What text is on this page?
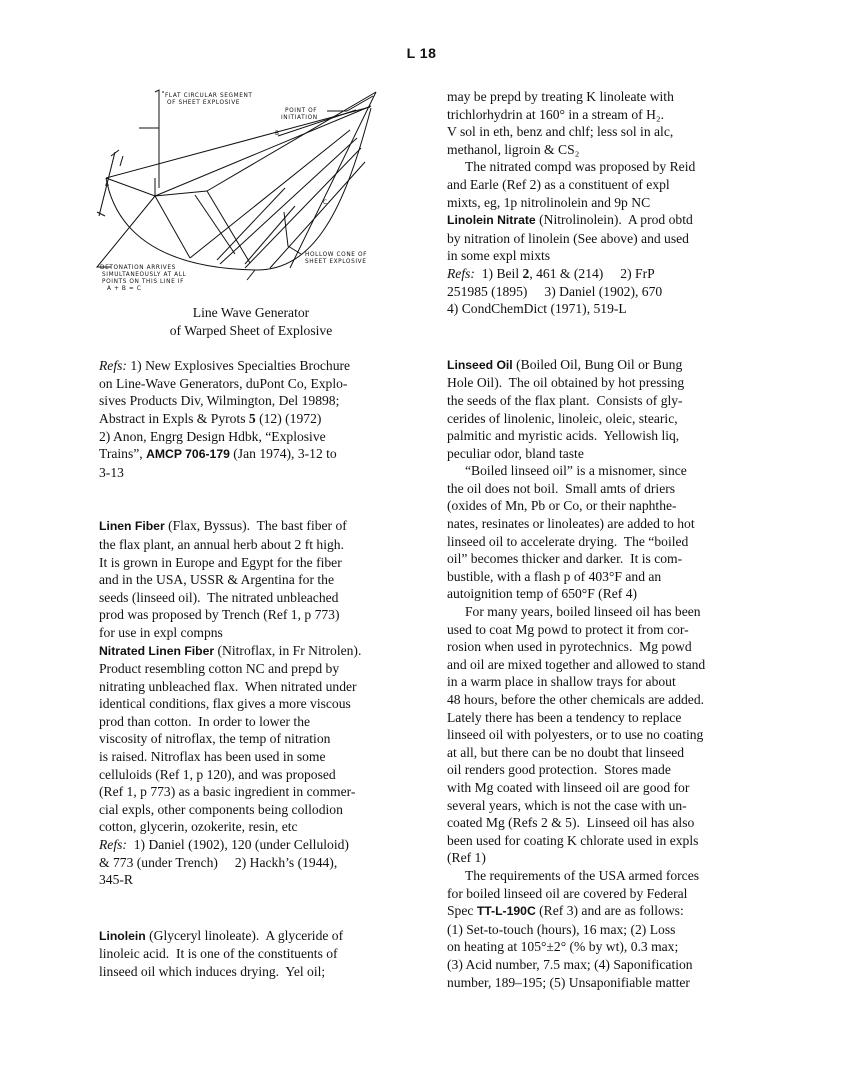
L 18
FLAT CIRCULAR SEGMENT
OF SHEET EXPLOSIVE
POINT OF
INITIATION
B
C
A
HOLLOW CONE OF
SHEET EXPLOSIVE
DETONATION ARRIVES
SIMULTANEOUSLY AT ALL
POINTS ON THIS LINE IF
A + B = C
Line Wave Generator
of Warped Sheet of Explosive
Refs: 1) New Explosives Specialties Brochure
on Line-Wave Generators, duPont Co, Explo-
sives Products Div, Wilmington, Del 19898;
Abstract in Expls & Pyrots 5 (12) (1972)
2) Anon, Engrg Design Hdbk, “Explosive
Trains”, AMCP 706-179 (Jan 1974), 3-12 to
3-13
Linen Fiber (Flax, Byssus).  The bast fiber of
the flax plant, an annual herb about 2 ft high.
It is grown in Europe and Egypt for the fiber
and in the USA, USSR & Argentina for the
seeds (linseed oil).  The nitrated unbleached
prod was proposed by Trench (Ref 1, p 773)
for use in expl compns
Nitrated Linen Fiber (Nitroflax, in Fr Nitrolen).
Product resembling cotton NC and prepd by
nitrating unbleached flax.  When nitrated under
identical conditions, flax gives a more viscous
prod than cotton.  In order to lower the
viscosity of nitroflax, the temp of nitration
is raised. Nitroflax has been used in some
celluloids (Ref 1, p 120), and was proposed
(Ref 1, p 773) as a basic ingredient in commer-
cial expls, other components being collodion
cotton, glycerin, ozokerite, resin, etc
Refs:  1) Daniel (1902), 120 (under Celluloid)
& 773 (under Trench)     2) Hackh’s (1944),
345-R
Linolein (Glyceryl linoleate).  A glyceride of
linoleic acid.  It is one of the constituents of
linseed oil which induces drying.  Yel oil;
may be prepd by treating K linoleate with
trichlorhydrin at 160° in a stream of H₂.
V sol in eth, benz and chlf; less sol in alc,
methanol, ligroin & CS₂
The nitrated compd was proposed by Reid
and Earle (Ref 2) as a constituent of expl
mixts, eg, 1p nitrolinolein and 9p NC
Linolein Nitrate (Nitrolinolein).  A prod obtd
by nitration of linolein (See above) and used
in some expl mixts
Refs:  1) Beil 2, 461 & (214)     2) FrP
251985 (1895)     3) Daniel (1902), 670
4) CondChemDict (1971), 519-L
Linseed Oil (Boiled Oil, Bung Oil or Bung
Hole Oil).  The oil obtained by hot pressing
the seeds of the flax plant.  Consists of gly-
cerides of linolenic, linoleic, oleic, stearic,
palmitic and myristic acids.  Yellowish liq,
peculiar odor, bland taste
“Boiled linseed oil” is a misnomer, since
the oil does not boil.  Small amts of driers
(oxides of Mn, Pb or Co, or their naphthe-
nates, resinates or linoleates) are added to hot
linseed oil to accelerate drying.  The “boiled
oil” becomes thicker and darker.  It is com-
bustible, with a flash p of 403°F and an
autoignition temp of 650°F (Ref 4)
For many years, boiled linseed oil has been
used to coat Mg powd to protect it from cor-
rosion when used in pyrotechnics.  Mg powd
and oil are mixed together and allowed to stand
in a warm place in shallow trays for about
48 hours, before the other chemicals are added.
Lately there has been a tendency to replace
linseed oil with polyesters, or to use no coating
at all, but there can be no doubt that linseed
oil renders good protection.  Stores made
with Mg coated with linseed oil are good for
several years, which is not the case with un-
coated Mg (Refs 2 & 5).  Linseed oil has also
been used for coating K chlorate used in expls
(Ref 1)
The requirements of the USA armed forces
for boiled linseed oil are covered by Federal
Spec TT-L-190C (Ref 3) and are as follows:
(1) Set-to-touch (hours), 16 max; (2) Loss
on heating at 105°±2° (% by wt), 0.3 max;
(3) Acid number, 7.5 max; (4) Saponification
number, 189–195; (5) Unsaponifiable matter
